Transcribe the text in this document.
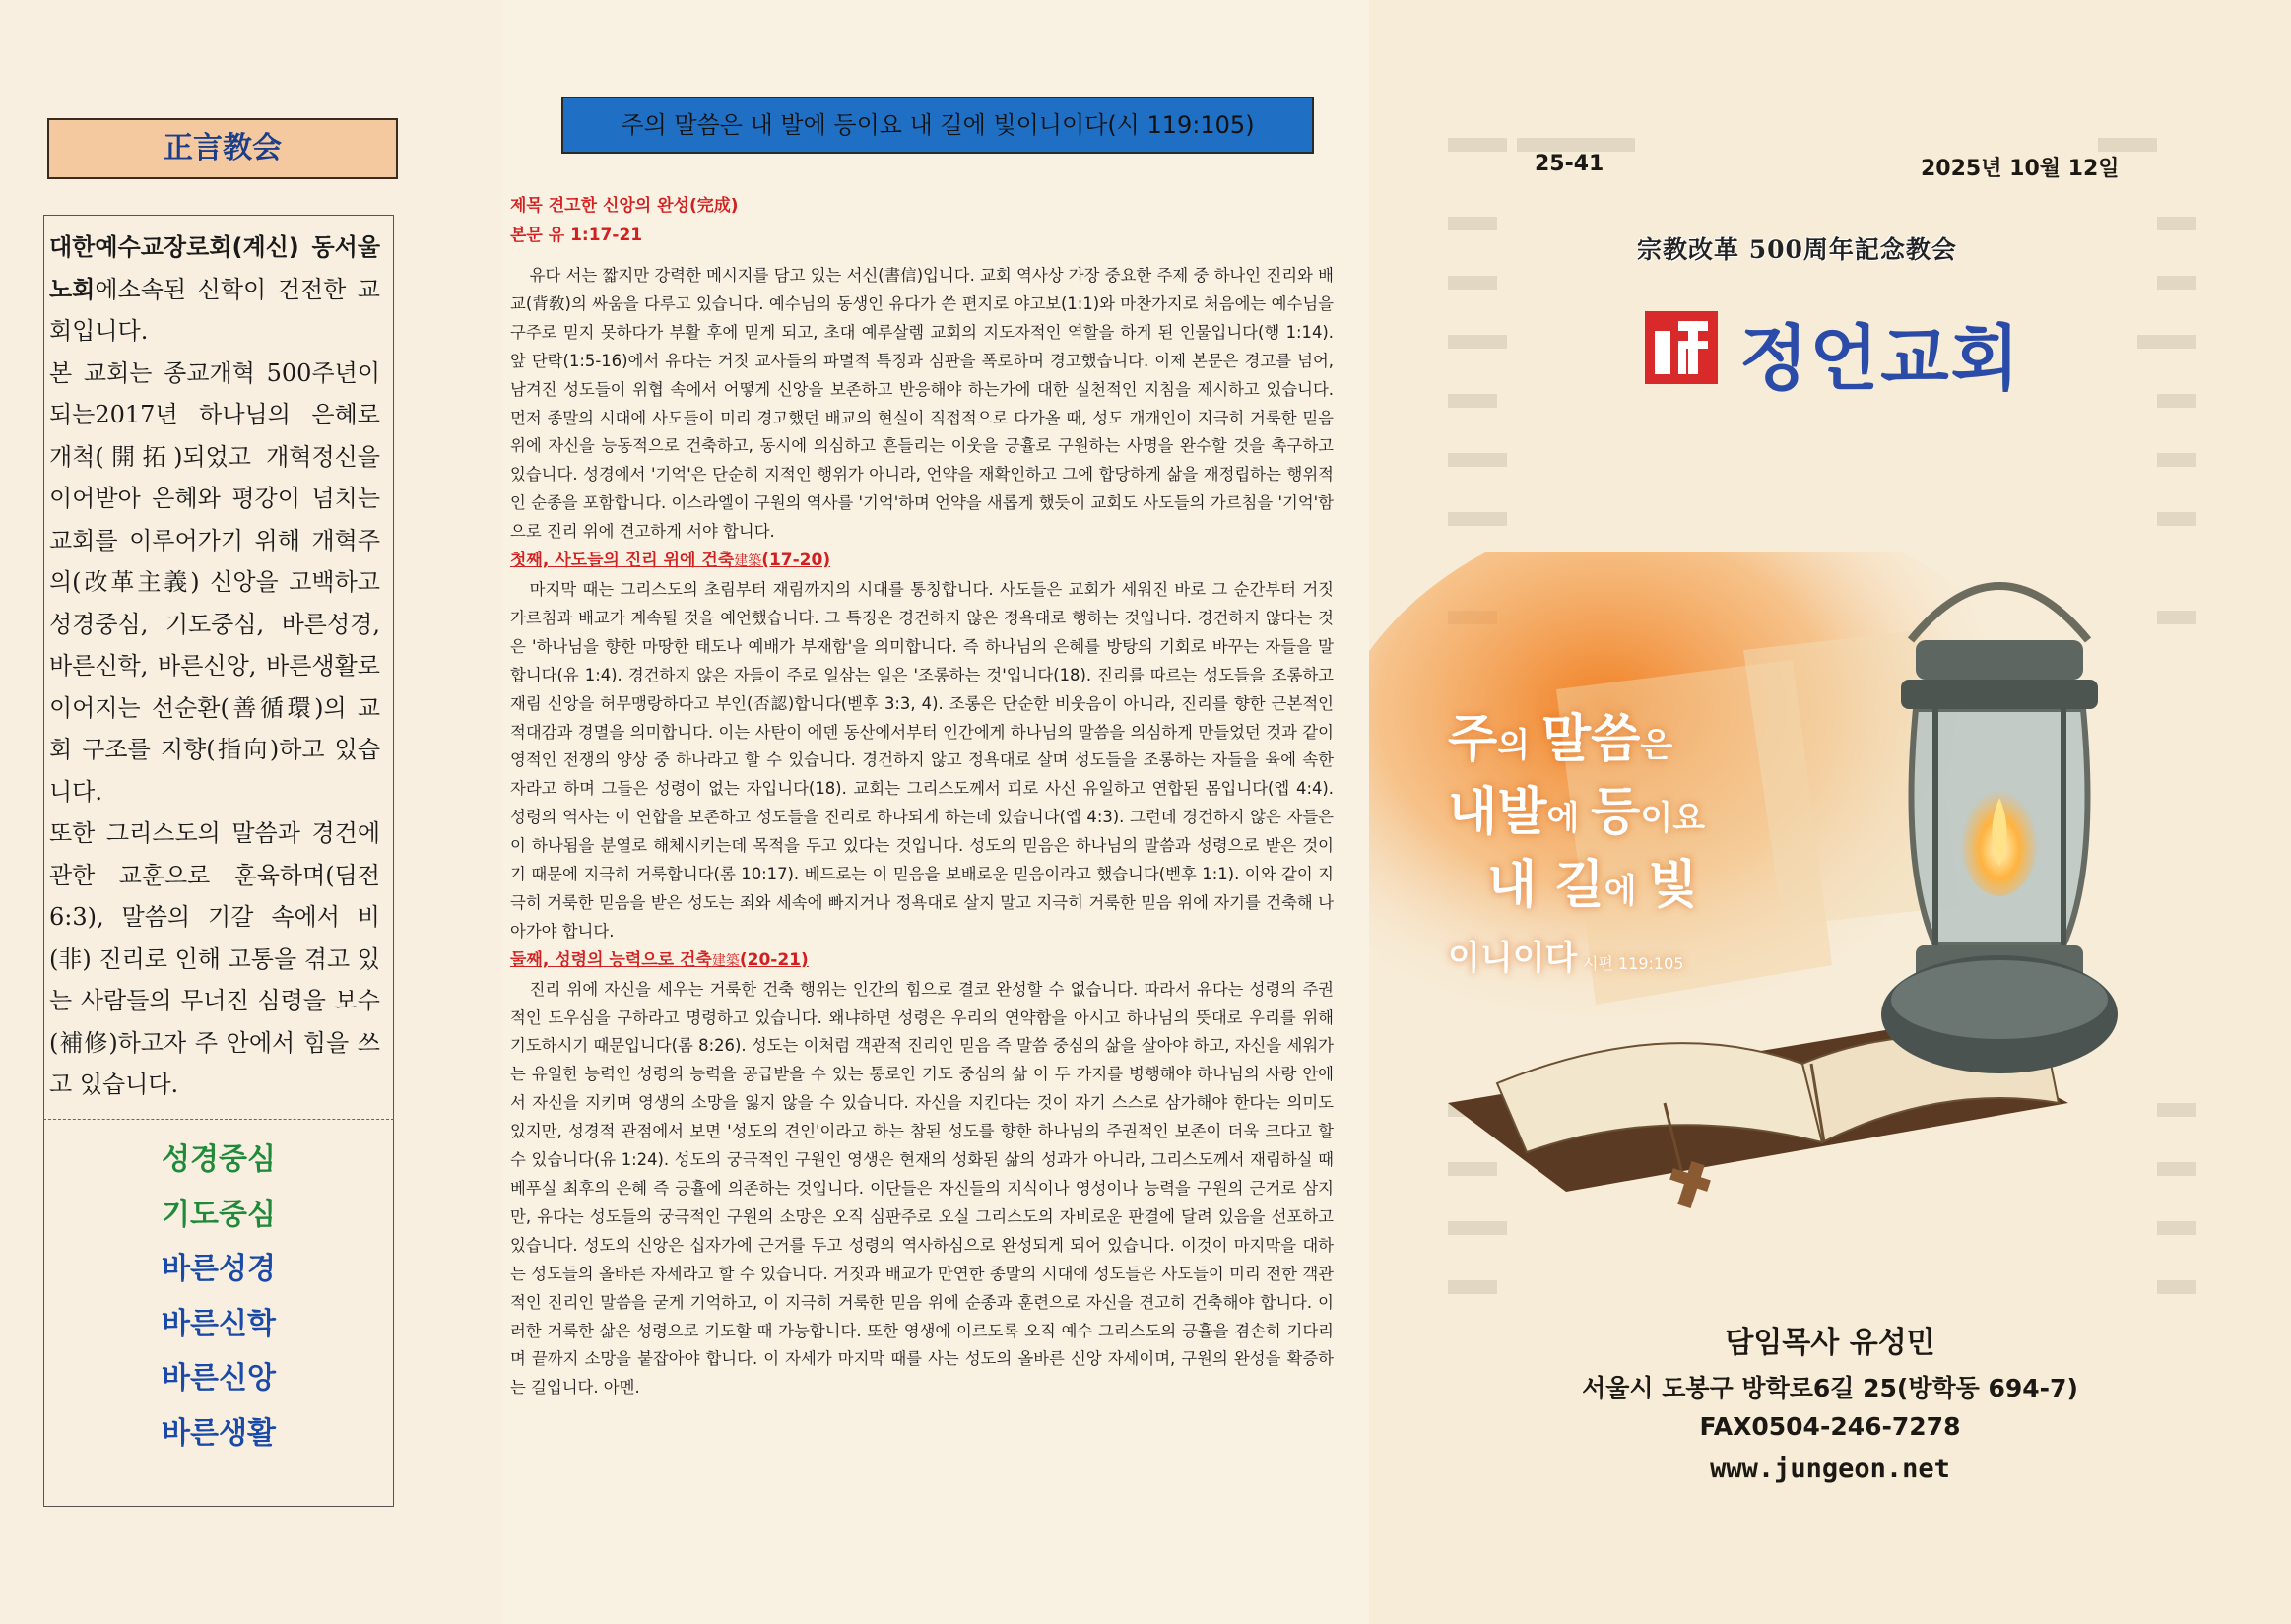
正言教会

대한예수교장로회(계신) 동서울노회에소속된 신학이 건전한 교회입니다.

본 교회는 종교개혁 500주년이 되는2017년 하나님의 은혜로 개척(開拓)되었고 개혁정신을 이어받아 은혜와 평강이 넘치는 교회를 이루어가기 위해 개혁주의(改革主義) 신앙을 고백하고 성경중심, 기도중심, 바른성경, 바른신학, 바른신앙, 바른생활로 이어지는 선순환(善循環)의 교회 구조를 지향(指向)하고 있습니다.

또한 그리스도의 말씀과 경건에 관한 교훈으로 훈육하며(딤전 6:3), 말씀의 기갈 속에서 비(非) 진리로 인해 고통을 겪고 있는 사람들의 무너진 심령을 보수(補修)하고자 주 안에서 힘을 쓰고 있습니다.

성경중심
기도중심
바른성경
바른신학
바른신앙
바른생활
주의 말씀은 내 발에 등이요 내 길에 빛이니이다(시 119:105)
제목 견고한 신앙의 완성(完成)
본문 유 1:17-21

유다 서는 짧지만 강력한 메시지를 담고 있는 서신(書信)입니다. 교회 역사상 가장 중요한 주제 중 하나인 진리와 배교(背敎)의 싸움을 다루고 있습니다. 예수님의 동생인 유다가 쓴 편지로 야고보(1:1)와 마찬가지로 처음에는 예수님을 구주로 믿지 못하다가 부활 후에 믿게 되고, 초대 예루살렘 교회의 지도자적인 역할을 하게 된 인물입니다(행 1:14). 앞 단락(1:5-16)에서 유다는 거짓 교사들의 파멸적 특징과 심판을 폭로하며 경고했습니다. 이제 본문은 경고를 넘어, 남겨진 성도들이 위협 속에서 어떻게 신앙을 보존하고 반응해야 하는가에 대한 실천적인 지침을 제시하고 있습니다. 먼저 종말의 시대에 사도들이 미리 경고했던 배교의 현실이 직접적으로 다가올 때, 성도 개개인이 지극히 거룩한 믿음 위에 자신을 능동적으로 건축하고, 동시에 의심하고 흔들리는 이웃을 긍휼로 구원하는 사명을 완수할 것을 촉구하고 있습니다. 성경에서 '기억'은 단순히 지적인 행위가 아니라, 언약을 재확인하고 그에 합당하게 삶을 재정립하는 행위적인 순종을 포함합니다. 이스라엘이 구원의 역사를 '기억'하며 언약을 새롭게 했듯이 교회도 사도들의 가르침을 '기억'함으로 진리 위에 견고하게 서야 합니다.

첫째, 사도들의 진리 위에 건축建築(17-20)

마지막 때는 그리스도의 초림부터 재림까지의 시대를 통칭합니다. 사도들은 교회가 세워진 바로 그 순간부터 거짓 가르침과 배교가 계속될 것을 예언했습니다. 그 특징은 경건하지 않은 정욕대로 행하는 것입니다. 경건하지 않다는 것은 '하나님을 향한 마땅한 태도나 예배가 부재함'을 의미합니다. 즉 하나님의 은혜를 방탕의 기회로 바꾸는 자들을 말합니다(유 1:4). 경건하지 않은 자들이 주로 일삼는 일은 '조롱하는 것'입니다(18). 진리를 따르는 성도들을 조롱하고 재림 신앙을 허무맹랑하다고 부인(否認)합니다(벧후 3:3, 4). 조롱은 단순한 비웃음이 아니라, 진리를 향한 근본적인 적대감과 경멸을 의미합니다. 이는 사탄이 에덴 동산에서부터 인간에게 하나님의 말씀을 의심하게 만들었던 것과 같이 영적인 전쟁의 양상 중 하나라고 할 수 있습니다. 경건하지 않고 정욕대로 살며 성도들을 조롱하는 자들을 육에 속한 자라고 하며 그들은 성령이 없는 자입니다(18). 교회는 그리스도께서 피로 사신 유일하고 연합된 몸입니다(엡 4:4). 성령의 역사는 이 연합을 보존하고 성도들을 진리로 하나되게 하는데 있습니다(엡 4:3). 그런데 경건하지 않은 자들은 이 하나됨을 분열로 해체시키는데 목적을 두고 있다는 것입니다. 성도의 믿음은 하나님의 말씀과 성령으로 받은 것이기 때문에 지극히 거룩합니다(롬 10:17). 베드로는 이 믿음을 보배로운 믿음이라고 했습니다(벧후 1:1). 이와 같이 지극히 거룩한 믿음을 받은 성도는 죄와 세속에 빠지거나 정욕대로 살지 말고 지극히 거룩한 믿음 위에 자기를 건축해 나아가야 합니다.

둘째, 성령의 능력으로 건축建築(20-21)

진리 위에 자신을 세우는 거룩한 건축 행위는 인간의 힘으로 결코 완성할 수 없습니다. 따라서 유다는 성령의 주권적인 도우심을 구하라고 명령하고 있습니다. 왜냐하면 성령은 우리의 연약함을 아시고 하나님의 뜻대로 우리를 위해 기도하시기 때문입니다(롬 8:26). 성도는 이처럼 객관적 진리인 믿음 즉 말씀 중심의 삶을 살아야 하고, 자신을 세워가는 유일한 능력인 성령의 능력을 공급받을 수 있는 통로인 기도 중심의 삶 이 두 가지를 병행해야 하나님의 사랑 안에서 자신을 지키며 영생의 소망을 잃지 않을 수 있습니다. 자신을 지킨다는 것이 자기 스스로 삼가해야 한다는 의미도 있지만, 성경적 관점에서 보면 '성도의 견인'이라고 하는 참된 성도를 향한 하나님의 주권적인 보존이 더욱 크다고 할 수 있습니다(유 1:24). 성도의 궁극적인 구원인 영생은 현재의 성화된 삶의 성과가 아니라, 그리스도께서 재림하실 때 베푸실 최후의 은혜 즉 긍휼에 의존하는 것입니다. 이단들은 자신들의 지식이나 영성이나 능력을 구원의 근거로 삼지만, 유다는 성도들의 궁극적인 구원의 소망은 오직 심판주로 오실 그리스도의 자비로운 판결에 달려 있음을 선포하고 있습니다. 성도의 신앙은 십자가에 근거를 두고 성령의 역사하심으로 완성되게 되어 있습니다. 이것이 마지막을 대하는 성도들의 올바른 자세라고 할 수 있습니다. 거짓과 배교가 만연한 종말의 시대에 성도들은 사도들이 미리 전한 객관적인 진리인 말씀을 굳게 기억하고, 이 지극히 거룩한 믿음 위에 순종과 훈련으로 자신을 견고히 건축해야 합니다. 이러한 거룩한 삶은 성령으로 기도할 때 가능합니다. 또한 영생에 이르도록 오직 예수 그리스도의 긍휼을 겸손히 기다리며 끝까지 소망을 붙잡아야 합니다. 이 자세가 마지막 때를 사는 성도의 올바른 신앙 자세이며, 구원의 완성을 확증하는 길입니다. 아멘.

25-41	2025년 10월 12일
宗教改革 500周年記念教会
정언교회
주의 말씀은
내발에 등이요
내 길에 빛
이니이다 시편 119:105
담임목사 유성민
서울시 도봉구 방학로6길 25(방학동 694-7)
FAX0504-246-7278
www.jungeon.net
